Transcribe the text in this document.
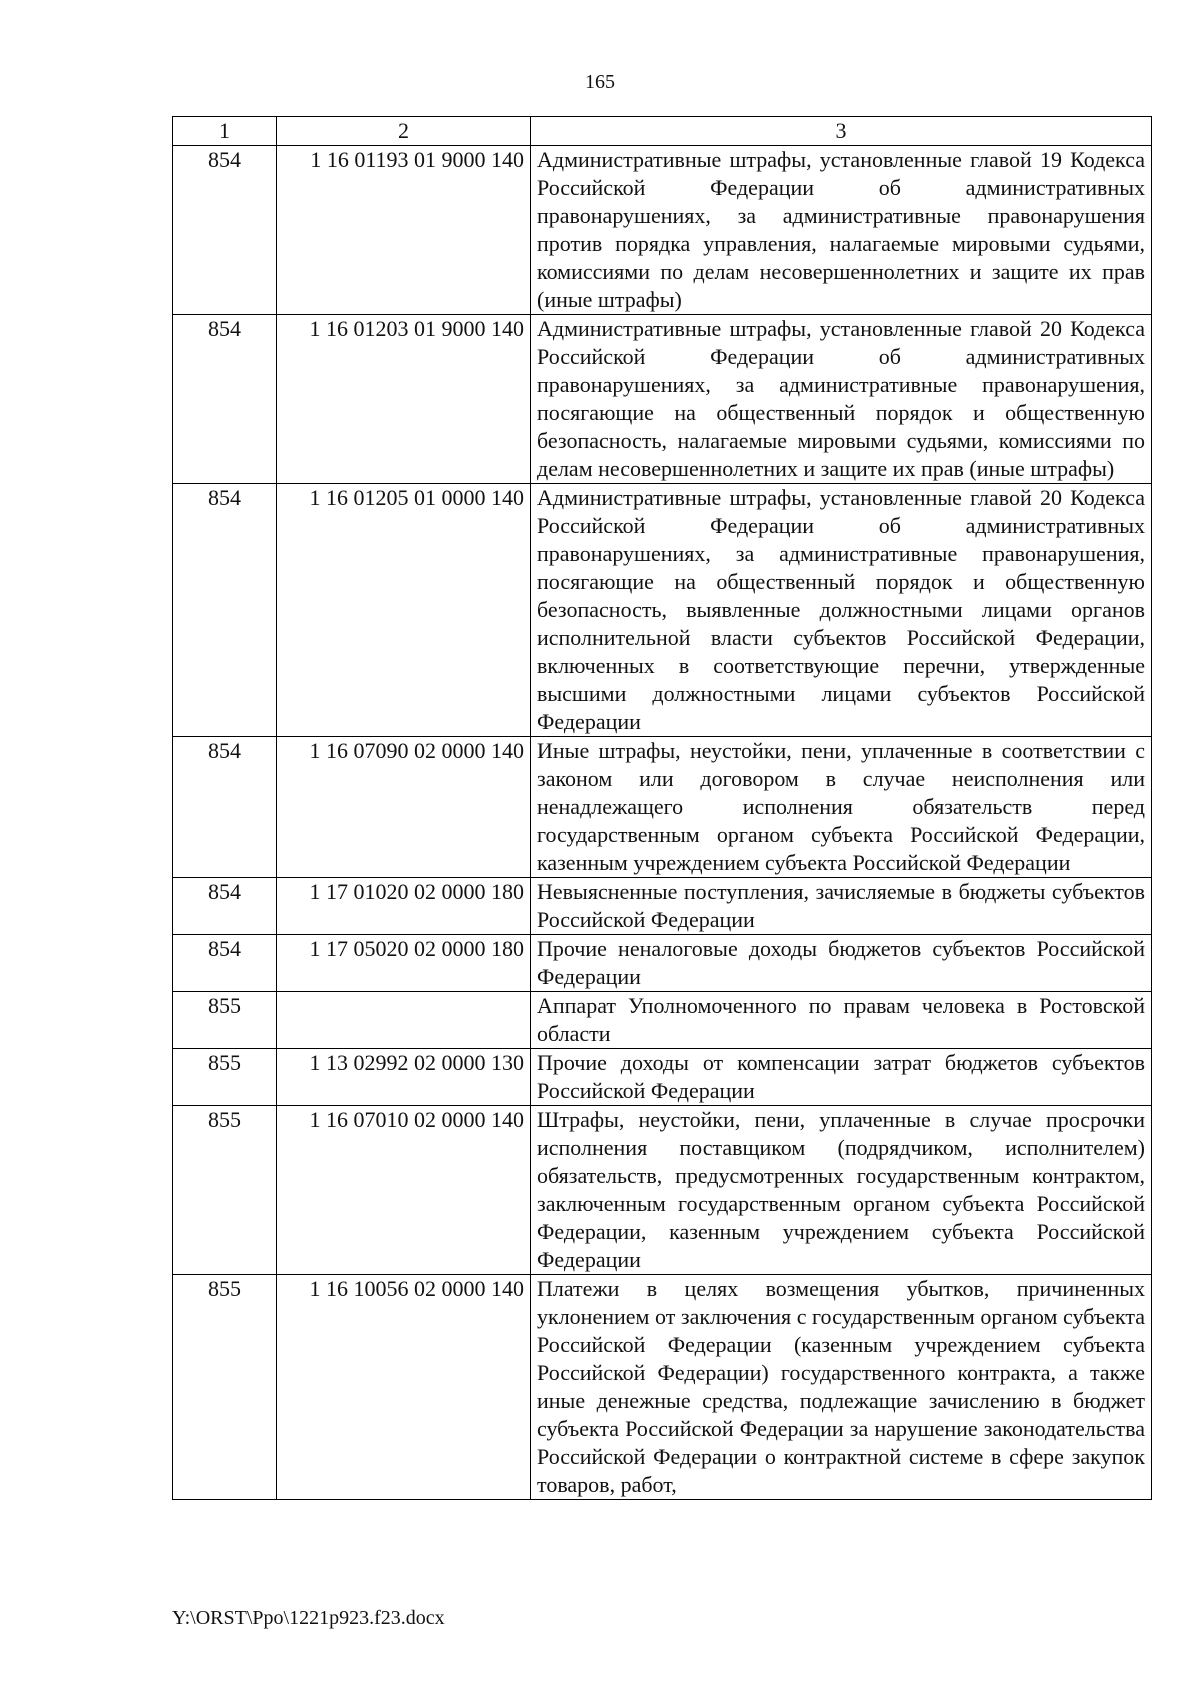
165
1	2	3
854	1 16 01193 01 9000 140	Административные штрафы, установленные главой 19 Кодекса Российской Федерации об административных правонарушениях, за административные правонарушения против порядка управления, налагаемые мировыми судьями, комиссиями по делам несовершеннолетних и защите их прав (иные штрафы)
854	1 16 01203 01 9000 140	Административные штрафы, установленные главой 20 Кодекса Российской Федерации об административных правонарушениях, за административные правонарушения, посягающие на общественный порядок и общественную безопасность, налагаемые мировыми судьями, комиссиями по делам несовершеннолетних и защите их прав (иные штрафы)
854	1 16 01205 01 0000 140	Административные штрафы, установленные главой 20 Кодекса Российской Федерации об административных правонарушениях, за административные правонарушения, посягающие на общественный порядок и общественную безопасность, выявленные должностными лицами органов исполнительной власти субъектов Российской Федерации, включенных в соответствующие перечни, утвержденные высшими должностными лицами субъектов Российской Федерации
854	1 16 07090 02 0000 140	Иные штрафы, неустойки, пени, уплаченные в соответствии с законом или договором в случае неисполнения или ненадлежащего исполнения обязательств перед государственным органом субъекта Российской Федерации, казенным учреждением субъекта Российской Федерации
854	1 17 01020 02 0000 180	Невыясненные поступления, зачисляемые в бюджеты субъектов Российской Федерации
854	1 17 05020 02 0000 180	Прочие неналоговые доходы бюджетов субъектов Российской Федерации
855		Аппарат Уполномоченного по правам человека в Ростовской области
855	1 13 02992 02 0000 130	Прочие доходы от компенсации затрат бюджетов субъектов Российской Федерации
855	1 16 07010 02 0000 140	Штрафы, неустойки, пени, уплаченные в случае просрочки исполнения поставщиком (подрядчиком, исполнителем) обязательств, предусмотренных государственным контрактом, заключенным государственным органом субъекта Российской Федерации, казенным учреждением субъекта Российской Федерации
855	1 16 10056 02 0000 140	Платежи в целях возмещения убытков, причиненных уклонением от заключения с государственным органом субъекта Российской Федерации (казенным учреждением субъекта Российской Федерации) государственного контракта, а также иные денежные средства, подлежащие зачислению в бюджет субъекта Российской Федерации за нарушение законодательства Российской Федерации о контрактной системе в сфере закупок товаров, работ,
Y:\ORST\Ppo\1221p923.f23.docx
